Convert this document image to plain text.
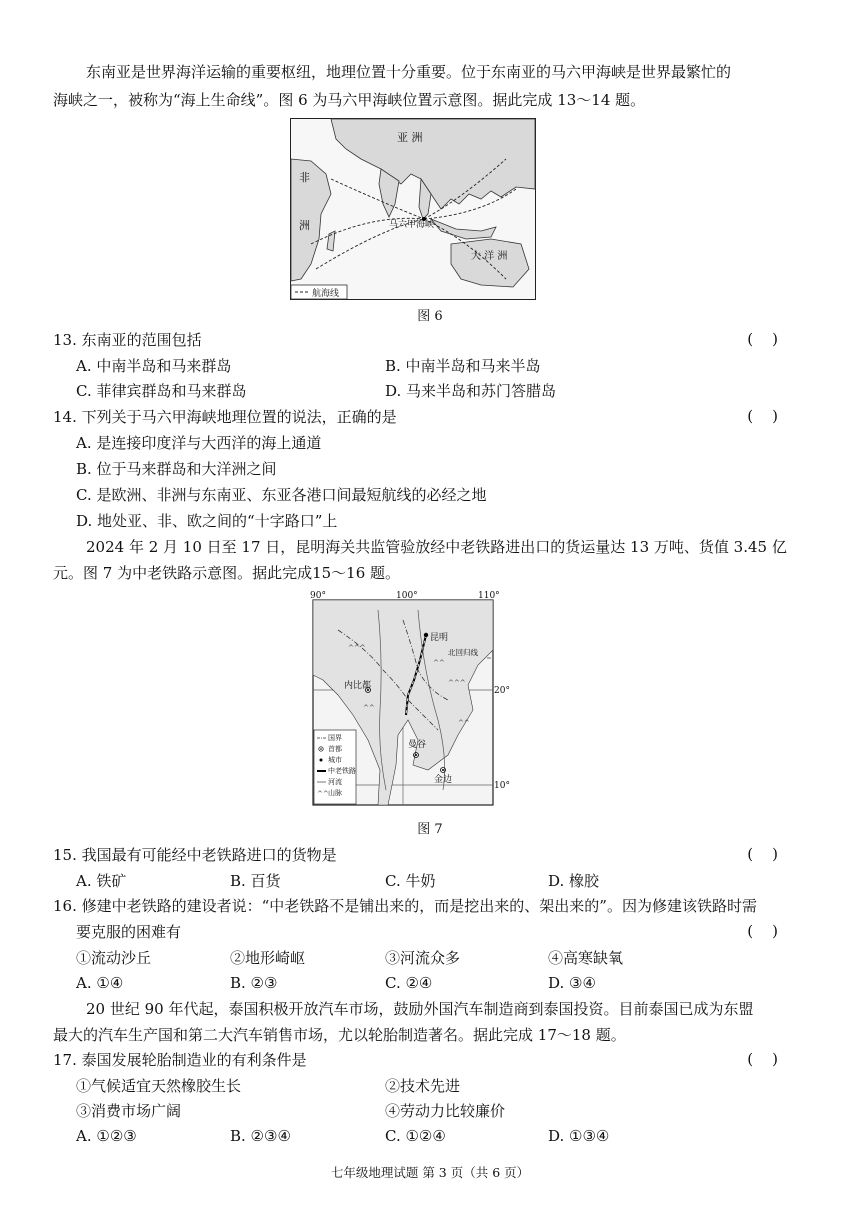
东南亚是世界海洋运输的重要枢纽，地理位置十分重要。位于东南亚的马六甲海峡是世界最繁忙的
海峡之一，被称为“海上生命线”。图 6 为马六甲海峡位置示意图。据此完成 13～14 题。
航海线
亚 洲
非
洲	马六甲海峡
大 洋 洲
图 6
13. 东南亚的范围包括	(    )
A. 中南半岛和马来群岛	B. 中南半岛和马来半岛
C. 菲律宾群岛和马来群岛	D. 马来半岛和苏门答腊岛
14. 下列关于马六甲海峡地理位置的说法，正确的是	(    )
A. 是连接印度洋与大西洋的海上通道
B. 位于马来群岛和大洋洲之间
C. 是欧洲、非洲与东南亚、东亚各港口间最短航线的必经之地
D. 地处亚、非、欧之间的“十字路口”上
2024 年 2 月 10 日至 17 日，昆明海关共监管验放经中老铁路进出口的货运量达 13 万吨、货值 3.45 亿
元。图 7 为中老铁路示意图。据此完成15～16 题。
^^^
^^
^^^
^^
^^
90°	100°	110°
20°
10°
昆明
北回归线
内比都
曼谷
金边
^^
国界
首都
城市
中老铁路
河流
山脉
图 7
15. 我国最有可能经中老铁路进口的货物是	(    )
A. 铁矿	B. 百货	C. 牛奶	D. 橡胶
16. 修建中老铁路的建设者说：“中老铁路不是铺出来的，而是挖出来的、架出来的”。因为修建该铁路时需
要克服的困难有	(    )
①流动沙丘	②地形崎岖	③河流众多	④高寒缺氧
A. ①④	B. ②③	C. ②④	D. ③④
20 世纪 90 年代起，泰国积极开放汽车市场，鼓励外国汽车制造商到泰国投资。目前泰国已成为东盟
最大的汽车生产国和第二大汽车销售市场，尤以轮胎制造著名。据此完成 17～18 题。
17. 泰国发展轮胎制造业的有利条件是	(    )
①气候适宜天然橡胶生长	②技术先进
③消费市场广阔	④劳动力比较廉价
A. ①②③	B. ②③④	C. ①②④	D. ①③④
七年级地理试题 第 3 页（共 6 页）
